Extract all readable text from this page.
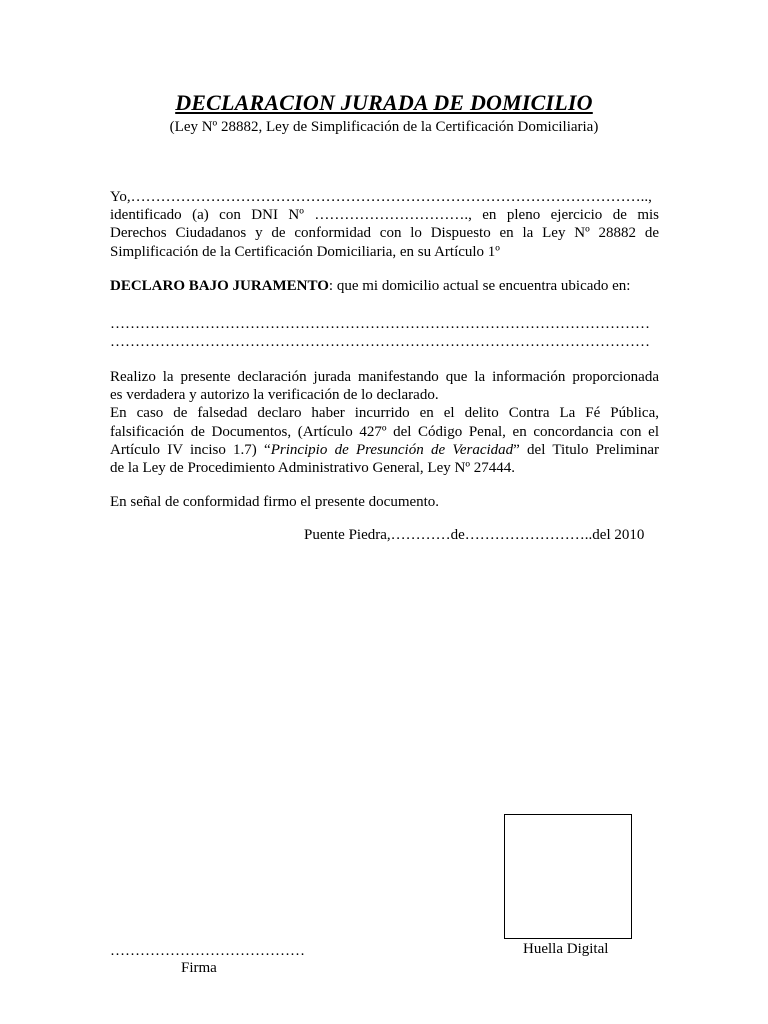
DECLARACION JURADA DE DOMICILIO
(Ley Nº 28882, Ley de Simplificación de la Certificación Domiciliaria)
Yo,…………………………………………………………………………………………..,
identificado (a) con DNI Nº …………………………., en pleno ejercicio de mis
Derechos Ciudadanos y de conformidad con lo Dispuesto en la Ley Nº 28882 de
Simplificación de la Certificación Domiciliaria, en su Artículo 1º
DECLARO BAJO JURAMENTO: que mi domicilio actual se encuentra ubicado en:
………………………………………………………………………………………………
………………………………………………………………………………………………
Realizo la presente declaración jurada manifestando que la información proporcionada
es verdadera y autorizo la verificación de lo declarado.
En caso de falsedad declaro haber incurrido en el delito Contra La Fé Pública,
falsificación de Documentos, (Artículo 427º del Código Penal, en concordancia con el
Artículo IV inciso 1.7) “Principio de Presunción de Veracidad” del Titulo Preliminar
de la Ley de Procedimiento Administrativo General, Ley Nº 27444.
En señal de conformidad firmo el presente documento.
Puente Piedra,…………de……………………..del 2010
Huella Digital
…………………………………
Firma
